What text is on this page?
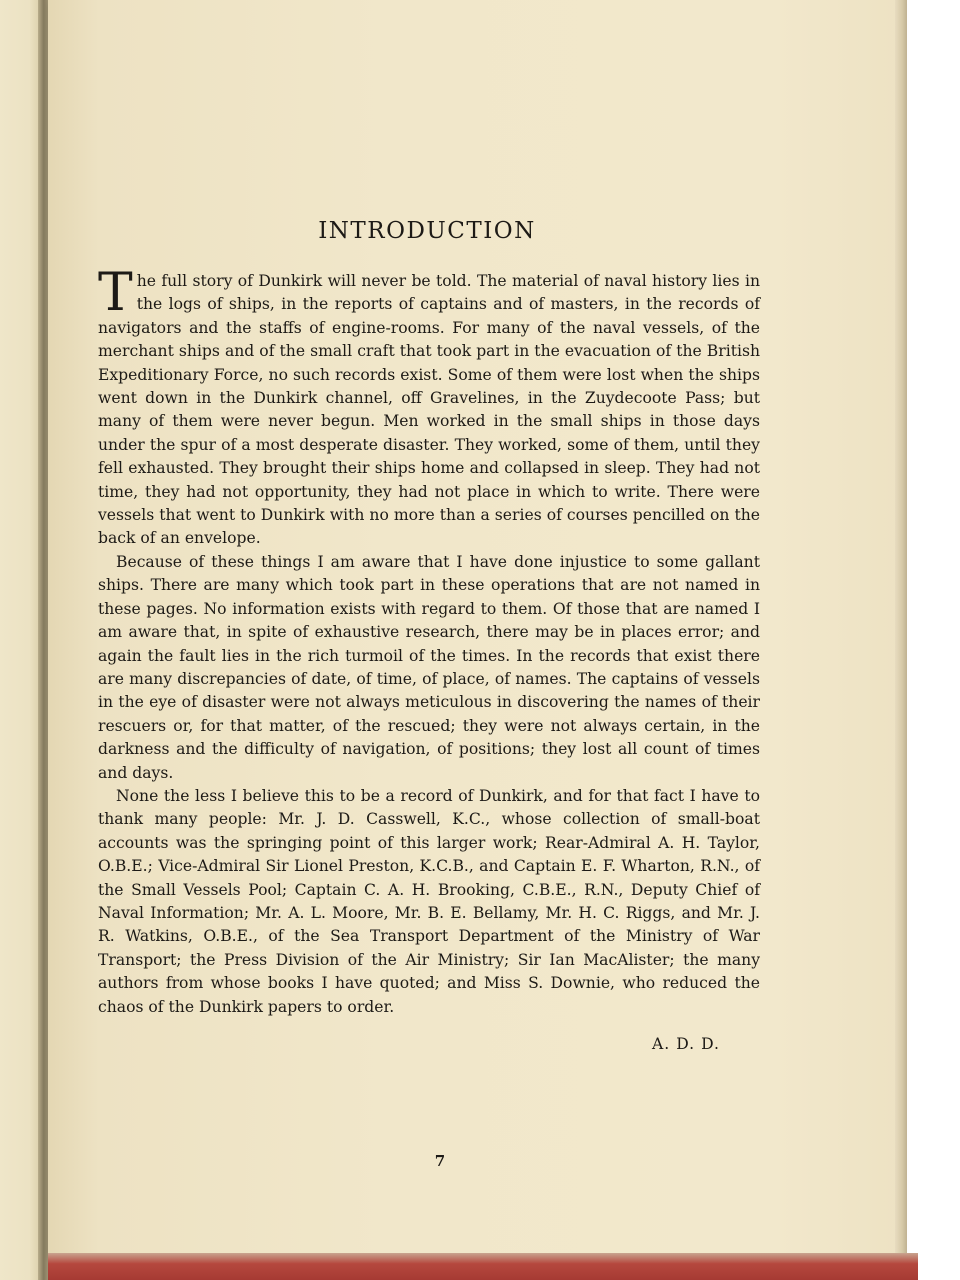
INTRODUCTION

The full story of Dunkirk will never be told. The material of naval history lies in the logs of ships, in the reports of captains and of masters, in the records of navigators and the staffs of engine-rooms. For many of the naval vessels, of the merchant ships and of the small craft that took part in the evacuation of the British Expeditionary Force, no such records exist. Some of them were lost when the ships went down in the Dunkirk channel, off Gravelines, in the Zuydecoote Pass; but many of them were never begun. Men worked in the small ships in those days under the spur of a most desperate disaster. They worked, some of them, until they fell exhausted. They brought their ships home and collapsed in sleep. They had not time, they had not opportunity, they had not place in which to write. There were vessels that went to Dunkirk with no more than a series of courses pencilled on the back of an envelope.

Because of these things I am aware that I have done injustice to some gallant ships. There are many which took part in these operations that are not named in these pages. No information exists with regard to them. Of those that are named I am aware that, in spite of exhaustive research, there may be in places error; and again the fault lies in the rich turmoil of the times. In the records that exist there are many discrepancies of date, of time, of place, of names. The captains of vessels in the eye of disaster were not always meticulous in discovering the names of their rescuers or, for that matter, of the rescued; they were not always certain, in the darkness and the difficulty of navigation, of positions; they lost all count of times and days.

None the less I believe this to be a record of Dunkirk, and for that fact I have to thank many people: Mr. J. D. Casswell, K.C., whose collection of small-boat accounts was the springing point of this larger work; Rear-Admiral A. H. Taylor, O.B.E.; Vice-Admiral Sir Lionel Preston, K.C.B., and Captain E. F. Wharton, R.N., of the Small Vessels Pool; Captain C. A. H. Brooking, C.B.E., R.N., Deputy Chief of Naval Information; Mr. A. L. Moore, Mr. B. E. Bellamy, Mr. H. C. Riggs, and Mr. J. R. Watkins, O.B.E., of the Sea Transport Department of the Ministry of War Transport; the Press Division of the Air Ministry; Sir Ian MacAlister; the many authors from whose books I have quoted; and Miss S. Downie, who reduced the chaos of the Dunkirk papers to order.

A. D. D.
7
